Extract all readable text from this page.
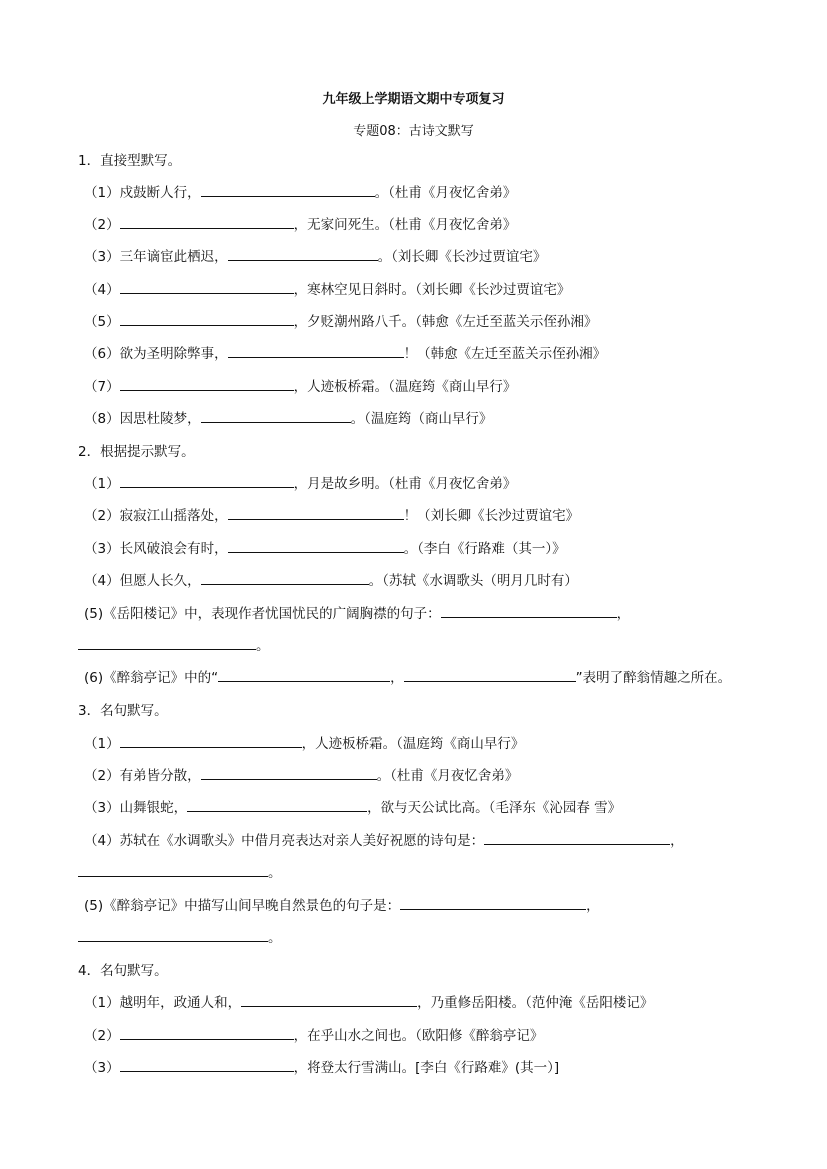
九年级上学期语文期中专项复习
专题08：古诗文默写
1．直接型默写。
（1）戍鼓断人行，	。（杜甫《月夜忆舍弟》
（2）	，无家问死生。（杜甫《月夜忆舍弟》
（3）三年谪宦此栖迟，	。（刘长卿《长沙过贾谊宅》
（4）	，寒林空见日斜时。（刘长卿《长沙过贾谊宅》
（5）	，夕贬潮州路八千。（韩愈《左迁至蓝关示侄孙湘》
（6）欲为圣明除弊事，	！（韩愈《左迁至蓝关示侄孙湘》
（7）	，人迹板桥霜。（温庭筠《商山早行》
（8）因思杜陵梦，	。（温庭筠（商山早行》
2．根据提示默写。
（1）	，月是故乡明。（杜甫《月夜忆舍弟》
（2）寂寂江山摇落处，	！（刘长卿《长沙过贾谊宅》
（3）长风破浪会有时，	。（李白《行路难（其一）》
（4）但愿人长久，	。（苏轼《水调歌头（明月几时有）
(5)《岳阳楼记》中，表现作者忧国忧民的广阔胸襟的句子：	，
。
(6)《醉翁亭记》中的“	，	”表明了醉翁情趣之所在。
3．名句默写。
（1）	，人迹板桥霜。（温庭筠《商山早行》
（2）有弟皆分散，	。（杜甫《月夜忆舍弟》
（3）山舞银蛇，	，欲与天公试比高。（毛泽东《沁园春 雪》
（4）苏轼在《水调歌头》中借月亮表达对亲人美好祝愿的诗句是：	，
。
(5)《醉翁亭记》中描写山间早晚自然景色的句子是：	，
。
4．名句默写。
（1）越明年，政通人和，	，乃重修岳阳楼。（范仲淹《岳阳楼记》
（2）	，在乎山水之间也。（欧阳修《醉翁亭记》
（3）	，将登太行雪满山。[李白《行路难》(其一）]
